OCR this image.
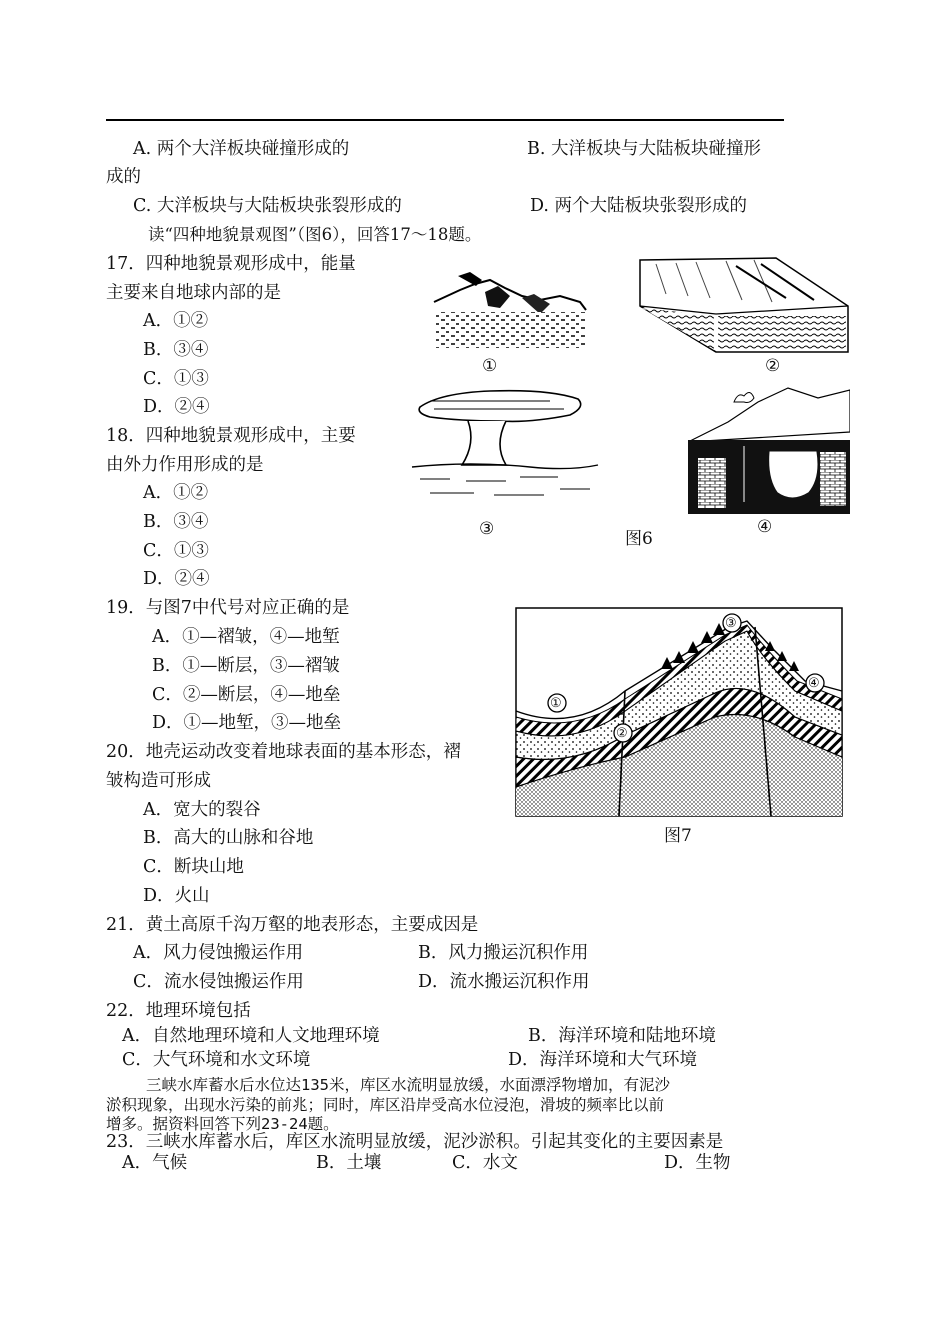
A. 两个大洋板块碰撞形成的	B. 大洋板块与大陆板块碰撞形
成的
C. 大洋板块与大陆板块张裂形成的	D. 两个大陆板块张裂形成的
读“四种地貌景观图”（图6），回答17～18题。
17．四种地貌景观形成中，能量
主要来自地球内部的是
A．①②
B．③④
C．①③
D．②④
18．四种地貌景观形成中，主要
由外力作用形成的是
A．①②
B．③④
C．①③
D．②④
①	②
③	④
图6
19．与图7中代号对应正确的是
A．①—褶皱，④—地堑
B．①—断层，③—褶皱
C．②—断层，④—地垒
D．①—地堑，③—地垒
20．地壳运动改变着地球表面的基本形态，褶
皱构造可形成
A．宽大的裂谷
B．高大的山脉和谷地
C．断块山地
D．火山
①
②
③
④
图7
21．黄土高原千沟万壑的地表形态，主要成因是
A．风力侵蚀搬运作用	B．风力搬运沉积作用
C．流水侵蚀搬运作用	D．流水搬运沉积作用
22．地理环境包括
A．自然地理环境和人文地理环境	B．海洋环境和陆地环境
C．大气环境和水文环境	D．海洋环境和大气环境
三峡水库蓄水后水位达135米，库区水流明显放缓，水面漂浮物增加，有泥沙
淤积现象，出现水污染的前兆；同时，库区沿岸受高水位浸泡，滑坡的频率比以前
增多。据资料回答下列23-24题。
23．三峡水库蓄水后，库区水流明显放缓，泥沙淤积。引起其变化的主要因素是
A．气候	B．土壤	C．水文	D．生物
